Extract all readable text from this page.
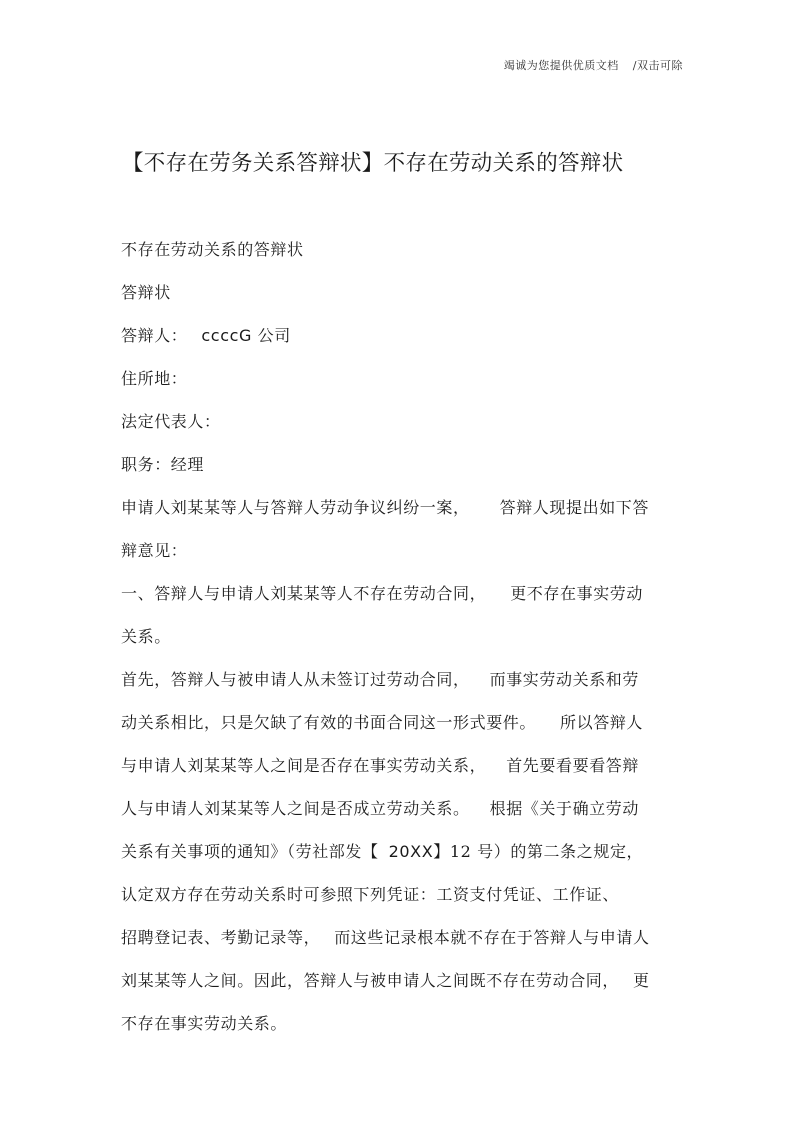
竭诚为您提供优质文档 /双击可除
【不存在劳务关系答辩状】不存在劳动关系的答辩状

不存在劳动关系的答辩状

答辩状

答辩人： ccccG 公司

住所地：

法定代表人：

职务：经理

申请人刘某某等人与答辩人劳动争议纠纷一案， 答辩人现提出如下答

辩意见：

一、答辩人与申请人刘某某等人不存在劳动合同， 更不存在事实劳动

关系。

首先，答辩人与被申请人从未签订过劳动合同， 而事实劳动关系和劳

动关系相比，只是欠缺了有效的书面合同这一形式要件。 所以答辩人

与申请人刘某某等人之间是否存在事实劳动关系， 首先要看要看答辩

人与申请人刘某某等人之间是否成立劳动关系。 根据《关于确立劳动

关系有关事项的通知》（劳社部发【 20XX】12 号）的第二条之规定，

认定双方存在劳动关系时可参照下列凭证：工资支付凭证、工作证、

招聘登记表、考勤记录等， 而这些记录根本就不存在于答辩人与申请人

刘某某等人之间。因此，答辩人与被申请人之间既不存在劳动合同， 更

不存在事实劳动关系。
